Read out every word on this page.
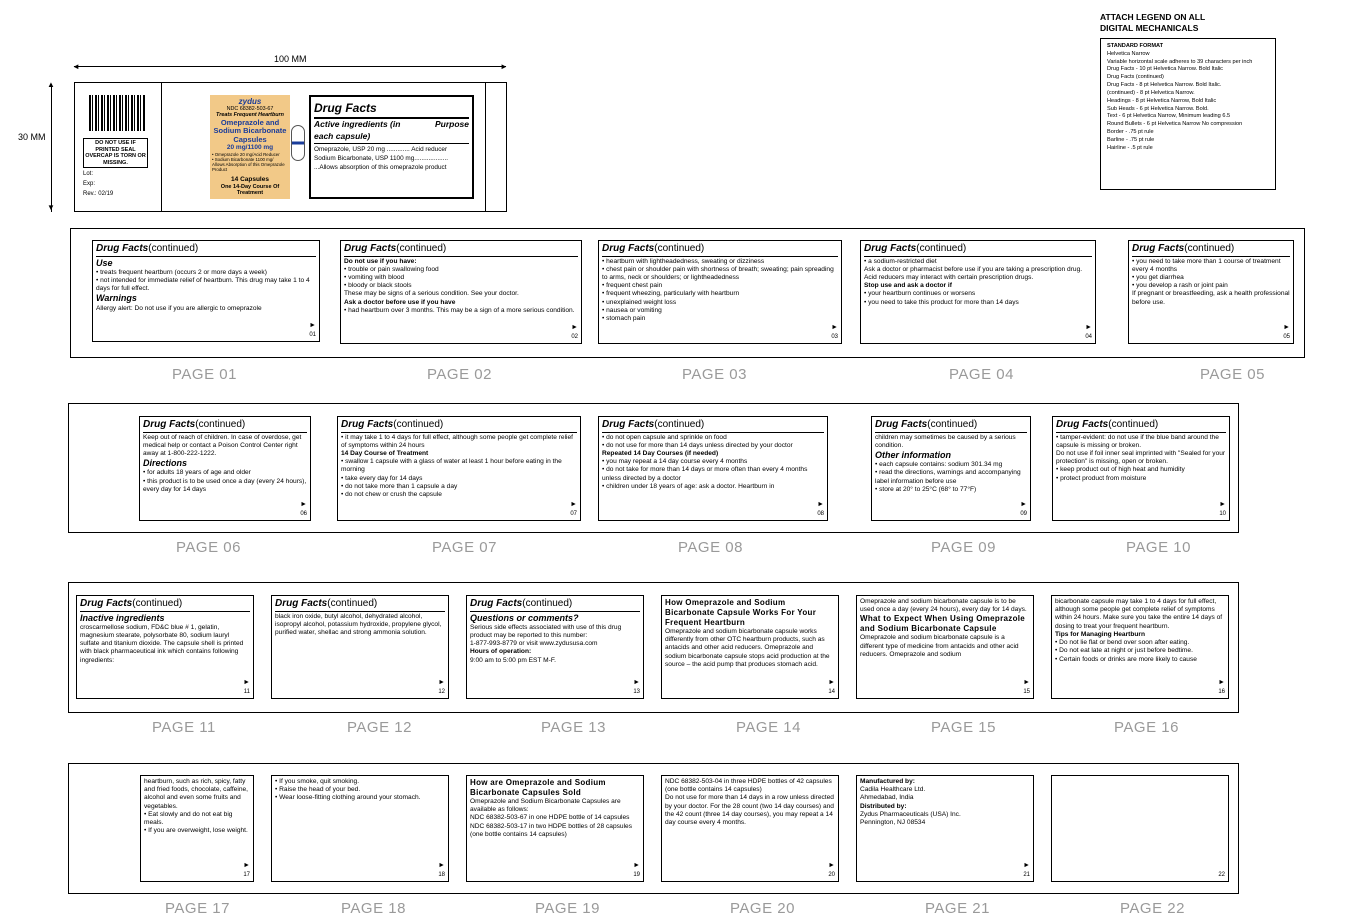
ATTACH LEGEND ON ALL
DIGITAL MECHANICALS
STANDARD FORMAT
Helvetica Narrow
Variable horizontal scale adheres to 39 characters per inch
Drug Facts - 10 pt Helvetica Narrow. Bold Italic
Drug Facts (continued)
Drug Facts - 8 pt Helvetica Narrow. Bold Italic.
(continued) - 8 pt Helvetica Narrow.
Headings - 8 pt Helvetica Narrow, Bold Italic
Sub Heads - 6 pt Helvetica Narrow. Bold.
Text - 6 pt Helvetica Narrow, Minimum leading 6.5
Round Bullets - 6 pt Helvetica Narrow No compression
Border - .75 pt rule
Barline - .75 pt rule
Hairline - .5 pt rule
◄	►
100 MM
▲
▼
30 MM
DO NOT USE IF PRINTED SEAL OVERCAP IS TORN OR MISSING.
Lot:
Exp:
Rev.: 02/19
zydus
NDC 68382-503-67
Treats Frequent Heartburn
Omeprazole and Sodium Bicarbonate Capsules
20 mg/1100 mg
• Omeprazole 20 mg/Acid Reducer
• Sodium Bicarbonate 1100 mg/
Allows Absorption of this Omeprazole Product
14 Capsules
One 14-Day Course Of Treatment
Drug Facts
Active ingredients (in each capsule)
Purpose
Omeprazole, USP 20 mg ............. Acid reducer
Sodium Bicarbonate, USP 1100 mg...................
...Allows absorption of this omeprazole product
Drug Facts(continued)
Use
• treats frequent heartburn (occurs 2 or more days a week)
• not intended for immediate relief of heartburn. This drug may take 1 to 4 days for full effect.
Warnings
Allergy alert: Do not use if you are allergic to omeprazole
►
01
PAGE 01
Drug Facts(continued)
Do not use if you have:
• trouble or pain swallowing food
• vomiting with blood
• bloody or black stools
These may be signs of a serious condition. See your doctor.
Ask a doctor before use if you have
• had heartburn over 3 months. This may be a sign of a more serious condition.
►
02
PAGE 02
Drug Facts(continued)
• heartburn with lightheadedness, sweating or dizziness
• chest pain or shoulder pain with shortness of breath; sweating; pain spreading to arms, neck or shoulders; or lightheadedness
• frequent chest pain
• frequent wheezing, particularly with heartburn
• unexplained weight loss
• nausea or vomiting
• stomach pain
►
03
PAGE 03
Drug Facts(continued)
• a sodium-restricted diet
Ask a doctor or pharmacist before use if you are taking a prescription drug. Acid reducers may interact with certain prescription drugs.
Stop use and ask a doctor if
• your heartburn continues or worsens
• you need to take this product for more than 14 days
►
04
PAGE 04
Drug Facts(continued)
• you need to take more than 1 course of treatment every 4 months
• you get diarrhea
• you develop a rash or joint pain
If pregnant or breastfeeding, ask a health professional before use.
►
05
PAGE 05
Drug Facts(continued)
Keep out of reach of children. In case of overdose, get medical help or contact a Poison Control Center right away at 1-800-222-1222.
Directions
• for adults 18 years of age and older
• this product is to be used once a day (every 24 hours), every day for 14 days
►
06
PAGE 06
Drug Facts(continued)
• it may take 1 to 4 days for full effect, although some people get complete relief of symptoms within 24 hours
14 Day Course of Treatment
• swallow 1 capsule with a glass of water at least 1 hour before eating in the morning
• take every day for 14 days
• do not take more than 1 capsule a day
• do not chew or crush the capsule
►
07
PAGE 07
Drug Facts(continued)
• do not open capsule and sprinkle on food
• do not use for more than 14 days unless directed by your doctor
Repeated 14 Day Courses (if needed)
• you may repeat a 14 day course every 4 months
• do not take for more than 14 days or more often than every 4 months unless directed by a doctor
• children under 18 years of age: ask a doctor. Heartburn in
►
08
PAGE 08
Drug Facts(continued)
children may sometimes be caused by a serious condition.
Other information
• each capsule contains: sodium 301.34 mg
• read the directions, warnings and accompanying label information before use
• store at 20° to 25°C (68° to 77°F)
►
09
PAGE 09
Drug Facts(continued)
• tamper-evident: do not use if the blue band around the capsule is missing or broken.
Do not use if foil inner seal imprinted with "Sealed for your protection" is missing, open or broken.
• keep product out of high heat and humidity
• protect product from moisture
►
10
PAGE 10
Drug Facts(continued)
Inactive ingredients
croscarmellose sodium, FD&C blue # 1, gelatin, magnesium stearate, polysorbate 80, sodium lauryl sulfate and titanium dioxide. The capsule shell is printed with black pharmaceutical ink which contains following ingredients:
►
11
PAGE 11
Drug Facts(continued)
black iron oxide, butyl alcohol, dehydrated alcohol, isopropyl alcohol, potassium hydroxide, propylene glycol, purified water, shellac and strong ammonia solution.
►
12
PAGE 12
Drug Facts(continued)
Questions or comments?
Serious side effects associated with use of this drug product may be reported to this number:
1-877-993-8779 or visit www.zydususa.com
Hours of operation:
9:00 am to 5:00 pm EST M-F.
►
13
PAGE 13
How Omeprazole and Sodium Bicarbonate Capsule Works For Your Frequent Heartburn
Omeprazole and sodium bicarbonate capsule works differently from other OTC heartburn products, such as antacids and other acid reducers. Omeprazole and sodium bicarbonate capsule stops acid production at the source – the acid pump that produces stomach acid.
►
14
PAGE 14
Omeprazole and sodium bicarbonate capsule is to be used once a day (every 24 hours), every day for 14 days.
What to Expect When Using Omeprazole and Sodium Bicarbonate Capsule
Omeprazole and sodium bicarbonate capsule is a different type of medicine from antacids and other acid reducers. Omeprazole and sodium
►
15
PAGE 15
bicarbonate capsule may take 1 to 4 days for full effect, although some people get complete relief of symptoms within 24 hours. Make sure you take the entire 14 days of dosing to treat your frequent heartburn.
Tips for Managing Heartburn
• Do not lie flat or bend over soon after eating.
• Do not eat late at night or just before bedtime.
• Certain foods or drinks are more likely to cause
►
16
PAGE 16
heartburn, such as rich, spicy, fatty and fried foods, chocolate, caffeine, alcohol and even some fruits and vegetables.
• Eat slowly and do not eat big meals.
• If you are overweight, lose weight.
►
17
PAGE 17
• If you smoke, quit smoking.
• Raise the head of your bed.
• Wear loose-fitting clothing around your stomach.
►
18
PAGE 18
How are Omeprazole and Sodium Bicarbonate Capsules Sold
Omeprazole and Sodium Bicarbonate Capsules are available as follows:
NDC 68382-503-67 in one HDPE bottle of 14 capsules
NDC 68382-503-17 in two HDPE bottles of 28 capsules (one bottle contains 14 capsules)
►
19
PAGE 19
NDC 68382-503-04 in three HDPE bottles of 42 capsules (one bottle contains 14 capsules)
Do not use for more than 14 days in a row unless directed by your doctor. For the 28 count (two 14 day courses) and the 42 count (three 14 day courses), you may repeat a 14 day course every 4 months.
►
20
PAGE 20
Manufactured by:
Cadila Healthcare Ltd.
Ahmedabad, India
Distributed by:
Zydus Pharmaceuticals (USA) Inc.
Pennington, NJ 08534
►
21
PAGE 21
22
PAGE 22
